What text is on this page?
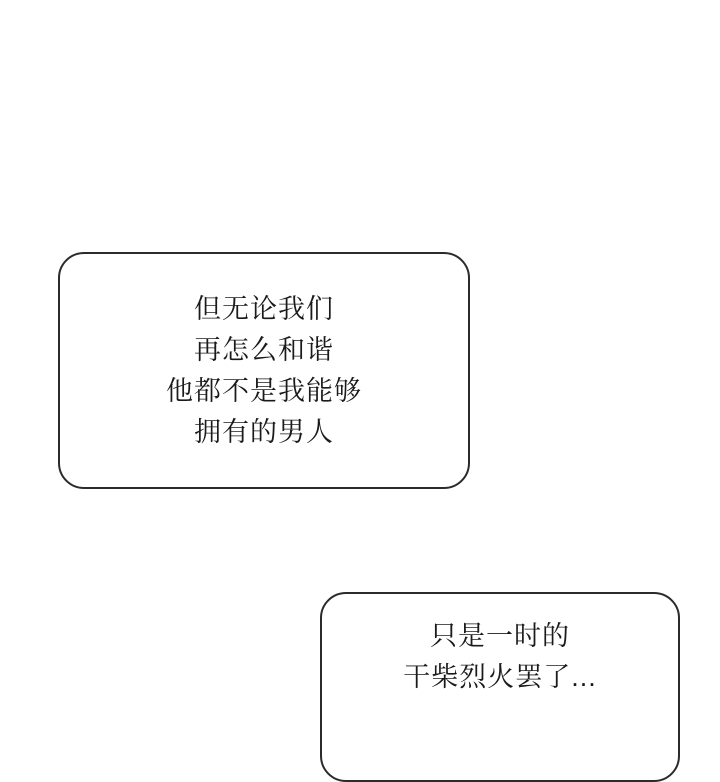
但无论我们
再怎么和谐
他都不是我能够
拥有的男人
只是一时的
干柴烈火罢了...
